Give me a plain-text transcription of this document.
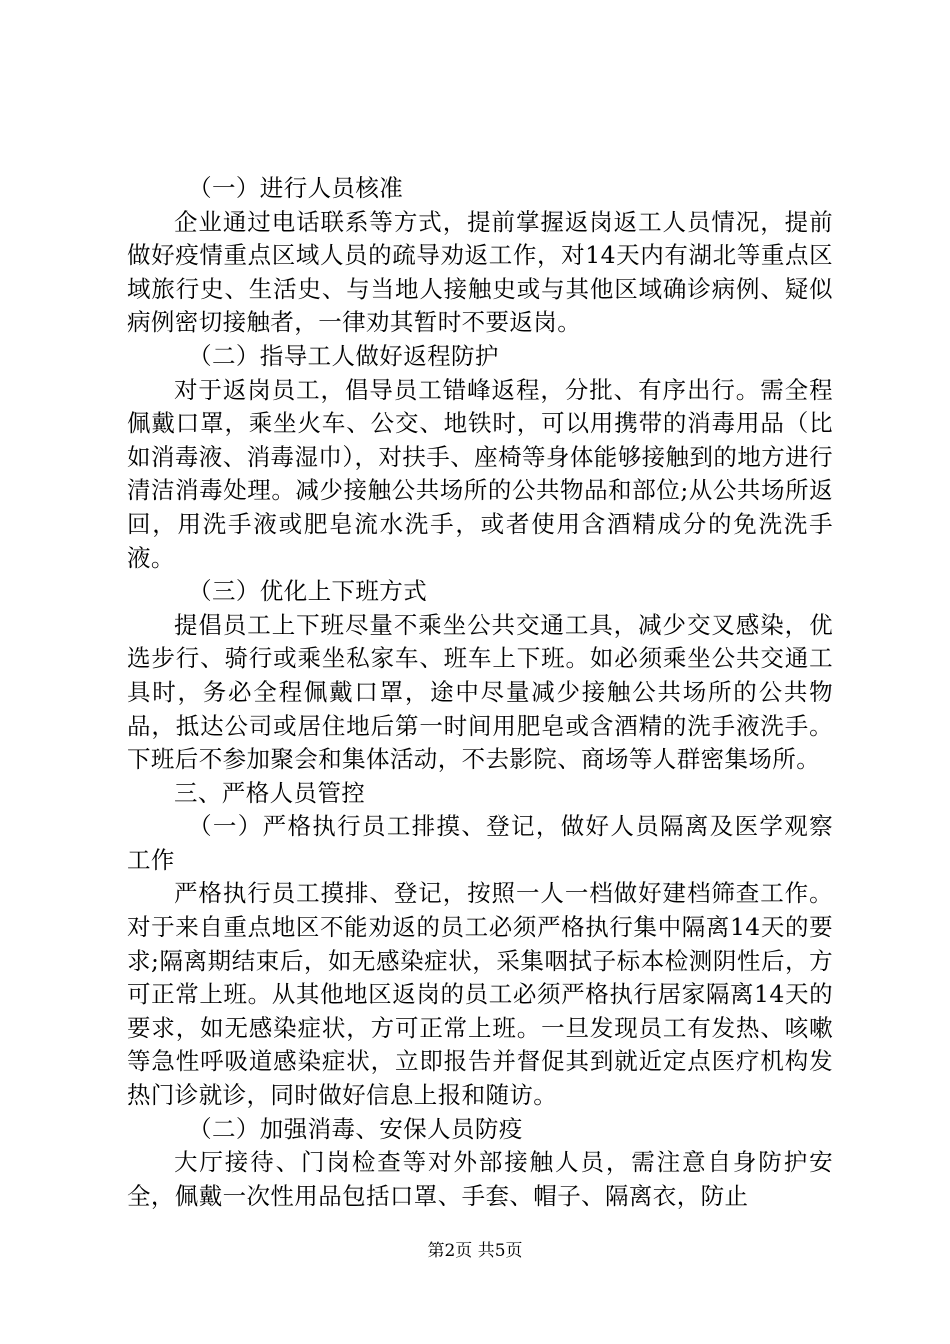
（一）进行人员核准

企业通过电话联系等方式，提前掌握返岗返工人员情况，提前做好疫情重点区域人员的疏导劝返工作，对14天内有湖北等重点区域旅行史、生活史、与当地人接触史或与其他区域确诊病例、疑似病例密切接触者，一律劝其暂时不要返岗。

（二）指导工人做好返程防护

对于返岗员工，倡导员工错峰返程，分批、有序出行。需全程佩戴口罩，乘坐火车、公交、地铁时，可以用携带的消毒用品（比如消毒液、消毒湿巾），对扶手、座椅等身体能够接触到的地方进行清洁消毒处理。减少接触公共场所的公共物品和部位;从公共场所返回，用洗手液或肥皂流水洗手，或者使用含酒精成分的免洗洗手液。

（三）优化上下班方式

提倡员工上下班尽量不乘坐公共交通工具，减少交叉感染，优选步行、骑行或乘坐私家车、班车上下班。如必须乘坐公共交通工具时，务必全程佩戴口罩，途中尽量减少接触公共场所的公共物品，抵达公司或居住地后第一时间用肥皂或含酒精的洗手液洗手。下班后不参加聚会和集体活动，不去影院、商场等人群密集场所。

三、严格人员管控

（一）严格执行员工排摸、登记，做好人员隔离及医学观察工作

严格执行员工摸排、登记，按照一人一档做好建档筛查工作。对于来自重点地区不能劝返的员工必须严格执行集中隔离14天的要求;隔离期结束后，如无感染症状，采集咽拭子标本检测阴性后，方可正常上班。从其他地区返岗的员工必须严格执行居家隔离14天的要求，如无感染症状，方可正常上班。一旦发现员工有发热、咳嗽等急性呼吸道感染症状，立即报告并督促其到就近定点医疗机构发热门诊就诊，同时做好信息上报和随访。

（二）加强消毒、安保人员防疫

大厅接待、门岗检查等对外部接触人员，需注意自身防护安全，佩戴一次性用品包括口罩、手套、帽子、隔离衣，防止

第2页 共5页
